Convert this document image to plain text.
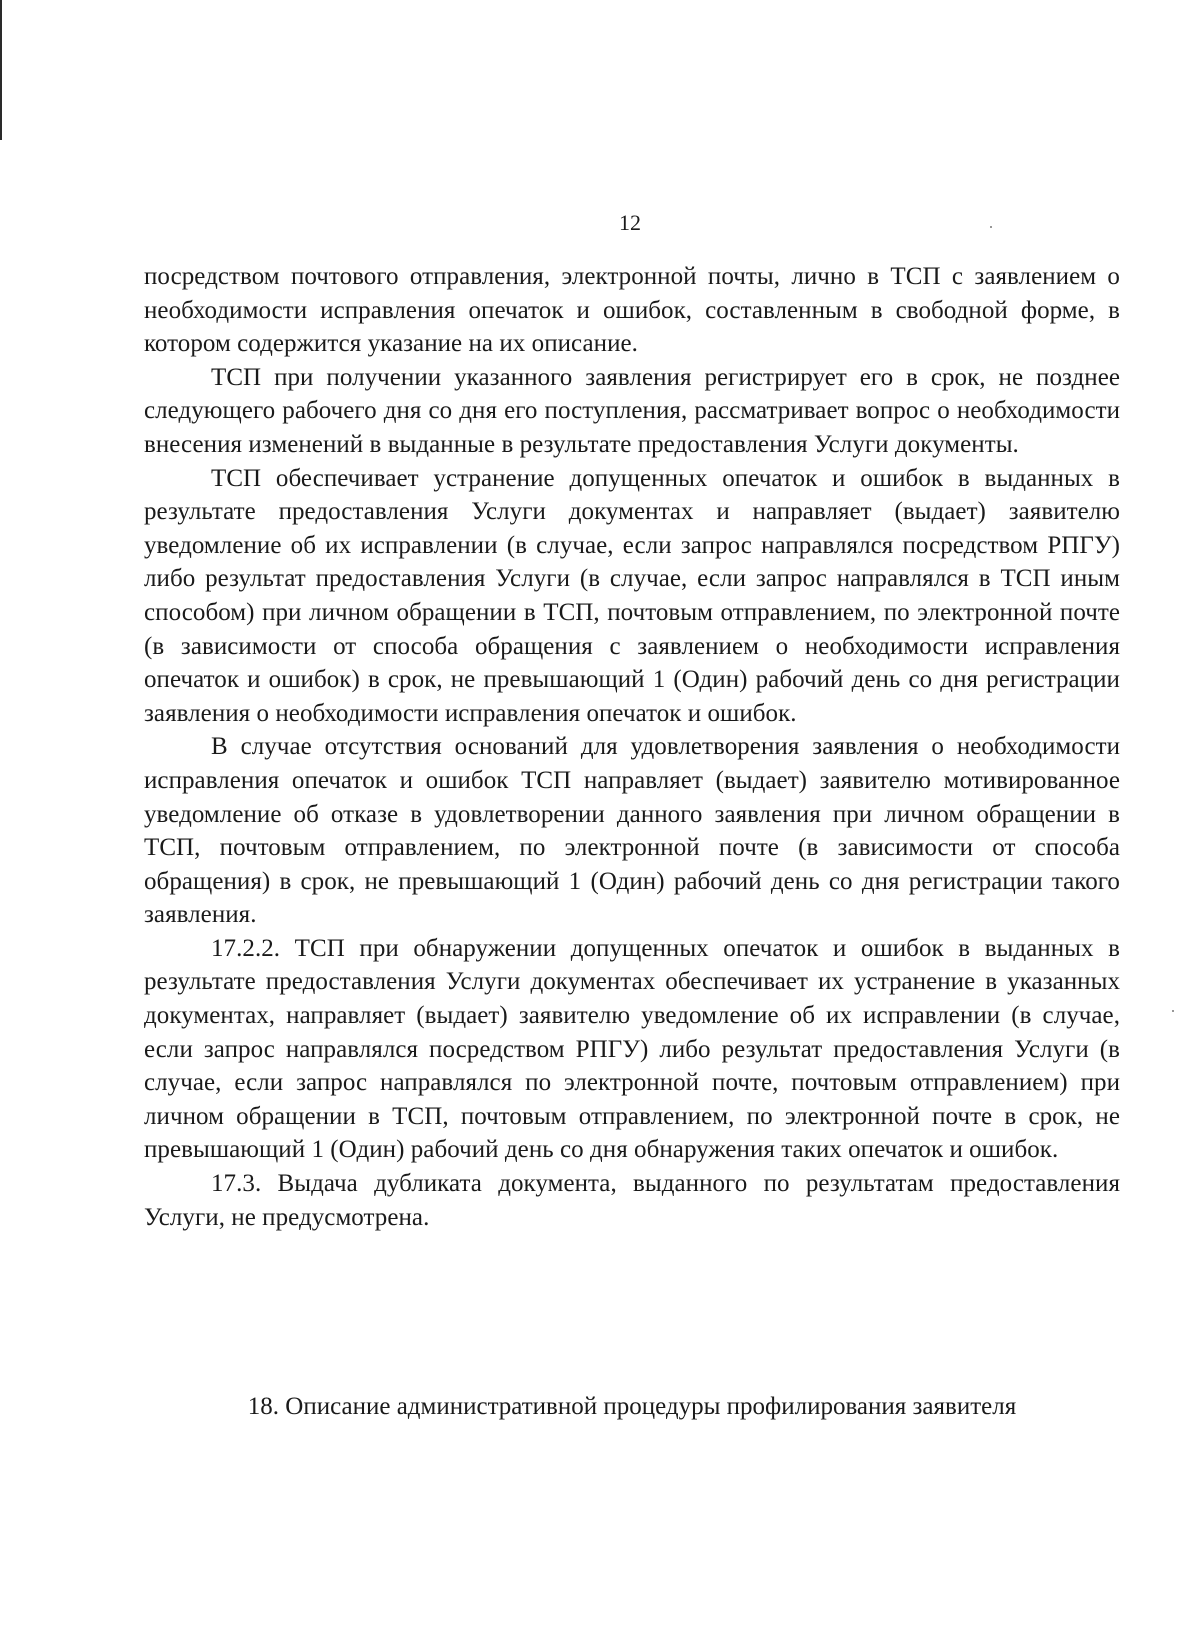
12

посредством почтового отправления, электронной почты, лично в ТСП с заявлением о необходимости исправления опечаток и ошибок, составленным в свободной форме, в котором содержится указание на их описание.

ТСП при получении указанного заявления регистрирует его в срок, не позднее следующего рабочего дня со дня его поступления, рассматривает вопрос о необходимости внесения изменений в выданные в результате предоставления Услуги документы.

ТСП обеспечивает устранение допущенных опечаток и ошибок в выданных в результате предоставления Услуги документах и направляет (выдает) заявителю уведомление об их исправлении (в случае, если запрос направлялся посредством РПГУ) либо результат предоставления Услуги (в случае, если запрос направлялся в ТСП иным способом) при личном обращении в ТСП, почтовым отправлением, по электронной почте (в зависимости от способа обращения с заявлением о необходимости исправления опечаток и ошибок) в срок, не превышающий 1 (Один) рабочий день со дня регистрации заявления о необходимости исправления опечаток и ошибок.

В случае отсутствия оснований для удовлетворения заявления о необходимости исправления опечаток и ошибок ТСП направляет (выдает) заявителю мотивированное уведомление об отказе в удовлетворении данного заявления при личном обращении в ТСП, почтовым отправлением, по электронной почте (в зависимости от способа обращения) в срок, не превышающий 1 (Один) рабочий день со дня регистрации такого заявления.

17.2.2. ТСП при обнаружении допущенных опечаток и ошибок в выданных в результате предоставления Услуги документах обеспечивает их устранение в указанных документах, направляет (выдает) заявителю уведомление об их исправлении (в случае, если запрос направлялся посредством РПГУ) либо результат предоставления Услуги (в случае, если запрос направлялся по электронной почте, почтовым отправлением) при личном обращении в ТСП, почтовым отправлением, по электронной почте в срок, не превышающий 1 (Один) рабочий день со дня обнаружения таких опечаток и ошибок.

17.3. Выдача дубликата документа, выданного по результатам предоставления Услуги, не предусмотрена.

18. Описание административной процедуры профилирования заявителя
